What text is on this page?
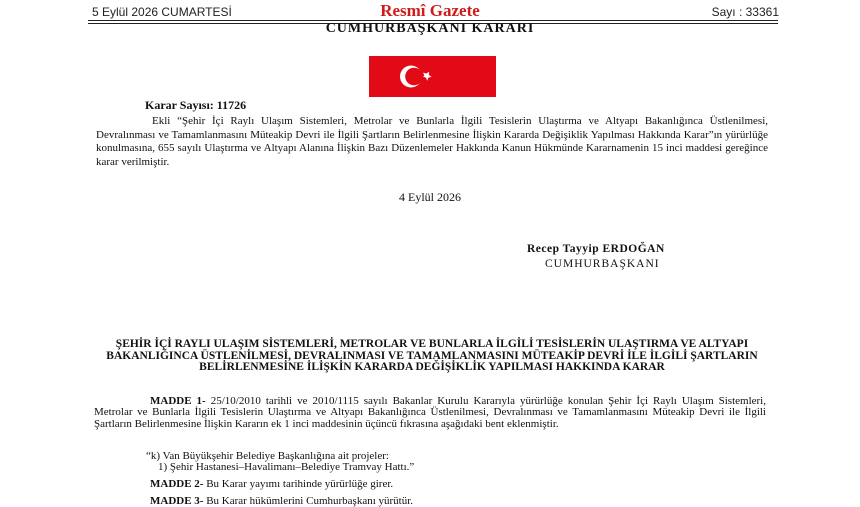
5 Eylül 2026 CUMARTESİ	Resmî Gazete	Sayı : 33361
CUMHURBAŞKANI KARARI
Karar Sayısı: 11726

Ekli “Şehir İçi Raylı Ulaşım Sistemleri, Metrolar ve Bunlarla İlgili Tesislerin Ulaştırma ve Altyapı Bakanlığınca Üstlenilmesi, Devralınması ve Tamamlanmasını Müteakip Devri ile İlgili Şartların Belirlenmesine İlişkin Kararda Değişiklik Yapılması Hakkında Karar”ın yürürlüğe konulmasına, 655 sayılı Ulaştırma ve Altyapı Alanına İlişkin Bazı Düzenlemeler Hakkında Kanun Hükmünde Kararnamenin 15 inci maddesi gereğince karar verilmiştir.

4 Eylül 2026
Recep Tayyip ERDOĞAN
CUMHURBAŞKANI

ŞEHİR İÇİ RAYLI ULAŞIM SİSTEMLERİ, METROLAR VE BUNLARLA İLGİLİ TESİSLERİN ULAŞTIRMA VE ALTYAPI BAKANLIĞINCA ÜSTLENİLMESİ, DEVRALINMASI VE TAMAMLANMASINI MÜTEAKİP DEVRİ İLE İLGİLİ ŞARTLARIN BELİRLENMESİNE İLİŞKİN KARARDA DEĞİŞİKLİK YAPILMASI HAKKINDA KARAR

MADDE 1- 25/10/2010 tarihli ve 2010/1115 sayılı Bakanlar Kurulu Kararıyla yürürlüğe konulan Şehir İçi Raylı Ulaşım Sistemleri, Metrolar ve Bunlarla İlgili Tesislerin Ulaştırma ve Altyapı Bakanlığınca Üstlenilmesi, Devralınması ve Tamamlanmasını Müteakip Devri ile İlgili Şartların Belirlenmesine İlişkin Kararın ek 1 inci maddesinin üçüncü fıkrasına aşağıdaki bent eklenmiştir.

“k) Van Büyükşehir Belediye Başkanlığına ait projeler:
1) Şehir Hastanesi–Havalimanı–Belediye Tramvay Hattı.”
MADDE 2- Bu Karar yayımı tarihinde yürürlüğe girer.
MADDE 3- Bu Karar hükümlerini Cumhurbaşkanı yürütür.
